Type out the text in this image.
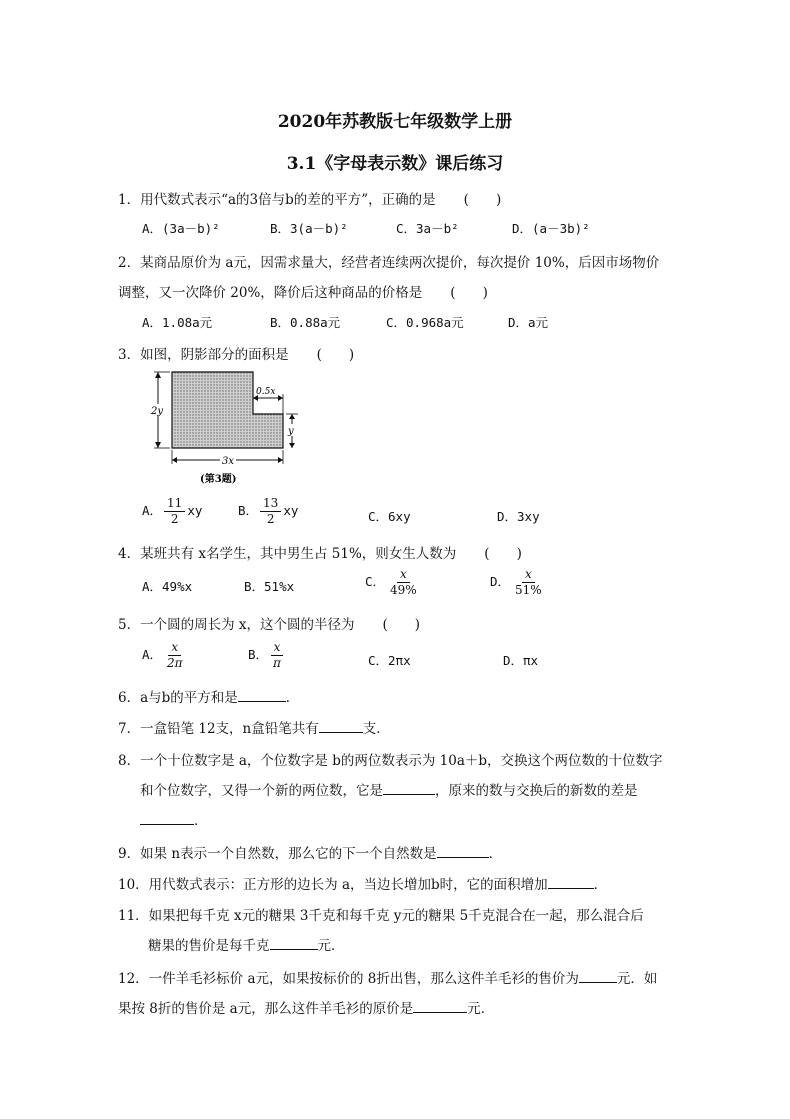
2020年苏教版七年级数学上册
3.1《字母表示数》课后练习
1．用代数式表示“a的3倍与b的差的平方”，正确的是 (　　)
A．(3a－b)²	B．3(a－b)²	C．3a－b²	D．(a－3b)²
2．某商品原价为 a元，因需求量大，经营者连续两次提价，每次提价 10%，后因市场物价
调整，又一次降价 20%，降价后这种商品的价格是 (　　)
A．1.08a元	B．0.88a元	C．0.968a元	D．a元
3．如图，阴影部分的面积是 (　　)
2y
0.5x
y
3x
(第3题)
A． $\frac{11}{2}$ xy	B． $\frac{13}{2}$ xy	C．6xy	D．3xy
4．某班共有 x名学生，其中男生占 51%，则女生人数为 (　　)
A．49%x	B．51%x	C． $\frac{x}{49\%}$	D． $\frac{x}{51\%}$
5．一个圆的周长为 x，这个圆的半径为 (　　)
A． $\frac{x}{2\pi}$	B． $\frac{x}{\pi}$	C．2πx	D．πx
6．a与b的平方和是	．
7．一盒铅笔 12支，n盒铅笔共有	支．
8．一个十位数字是 a，个位数字是 b的两位数表示为 10a＋b，交换这个两位数的十位数字
和个位数字，又得一个新的两位数，它是	，原来的数与交换后的新数的差是
．
9．如果 n表示一个自然数，那么它的下一个自然数是	．
10．用代数式表示：正方形的边长为 a，当边长增加b时，它的面积增加	．
11．如果把每千克 x元的糖果 3千克和每千克 y元的糖果 5千克混合在一起，那么混合后
糖果的售价是每千克	元．
12．一件羊毛衫标价 a元，如果按标价的 8折出售，那么这件羊毛衫的售价为	元．如
果按 8折的售价是 a元，那么这件羊毛衫的原价是	元．
